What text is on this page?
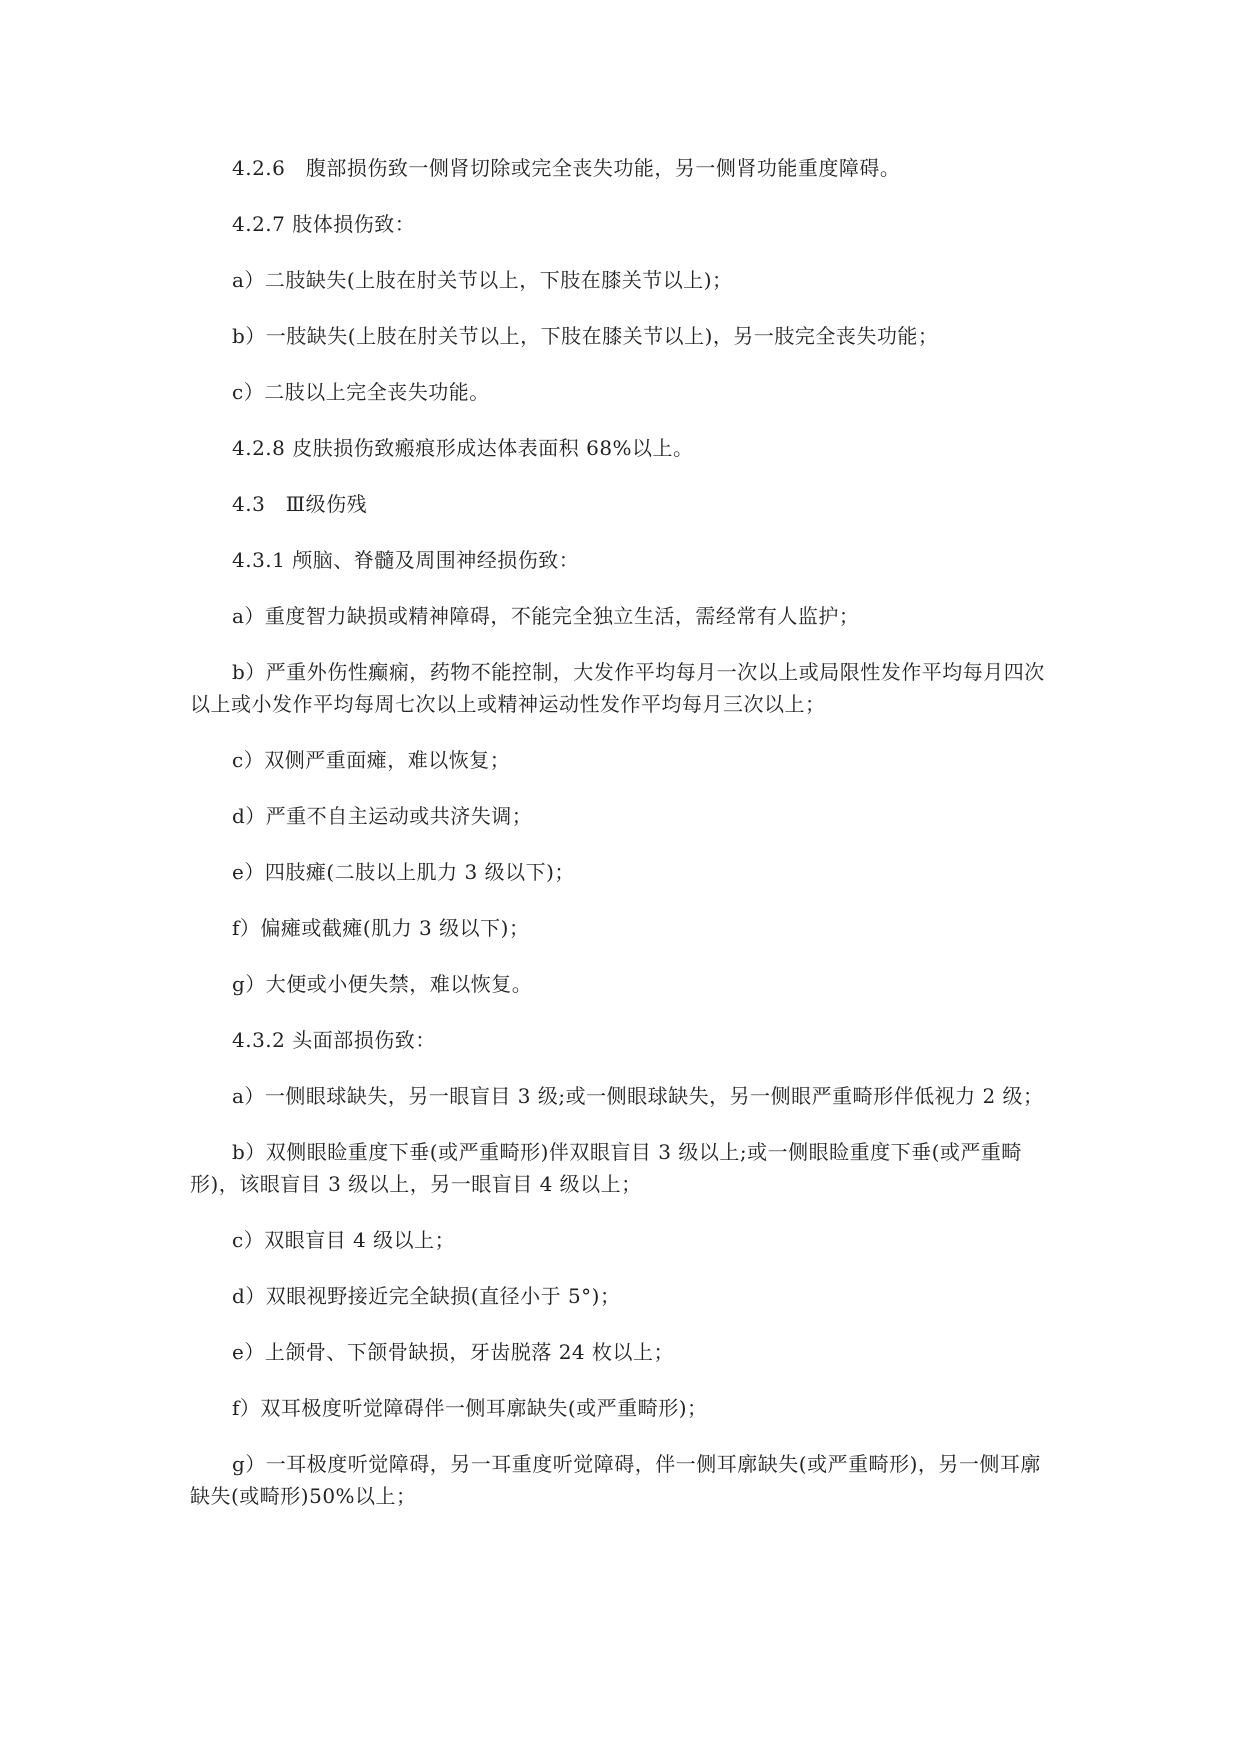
4.2.6　腹部损伤致一侧肾切除或完全丧失功能，另一侧肾功能重度障碍。

4.2.7 肢体损伤致：

a）二肢缺失(上肢在肘关节以上，下肢在膝关节以上)；

b）一肢缺失(上肢在肘关节以上，下肢在膝关节以上)，另一肢完全丧失功能；

c）二肢以上完全丧失功能。

4.2.8 皮肤损伤致瘢痕形成达体表面积 68%以上。

4.3　Ⅲ级伤残

4.3.1 颅脑、脊髓及周围神经损伤致：

a）重度智力缺损或精神障碍，不能完全独立生活，需经常有人监护；

b）严重外伤性癫痫，药物不能控制，大发作平均每月一次以上或局限性发作平均每月四次以上或小发作平均每周七次以上或精神运动性发作平均每月三次以上；

c）双侧严重面瘫，难以恢复；

d）严重不自主运动或共济失调；

e）四肢瘫(二肢以上肌力 3 级以下)；

f）偏瘫或截瘫(肌力 3 级以下)；

g）大便或小便失禁，难以恢复。

4.3.2 头面部损伤致：

a）一侧眼球缺失，另一眼盲目 3 级;或一侧眼球缺失，另一侧眼严重畸形伴低视力 2 级；

b）双侧眼睑重度下垂(或严重畸形)伴双眼盲目 3 级以上;或一侧眼睑重度下垂(或严重畸形)，该眼盲目 3 级以上，另一眼盲目 4 级以上；

c）双眼盲目 4 级以上；

d）双眼视野接近完全缺损(直径小于 5°)；

e）上颌骨、下颌骨缺损，牙齿脱落 24 枚以上；

f）双耳极度听觉障碍伴一侧耳廓缺失(或严重畸形)；

g）一耳极度听觉障碍，另一耳重度听觉障碍，伴一侧耳廓缺失(或严重畸形)，另一侧耳廓缺失(或畸形)50%以上；
